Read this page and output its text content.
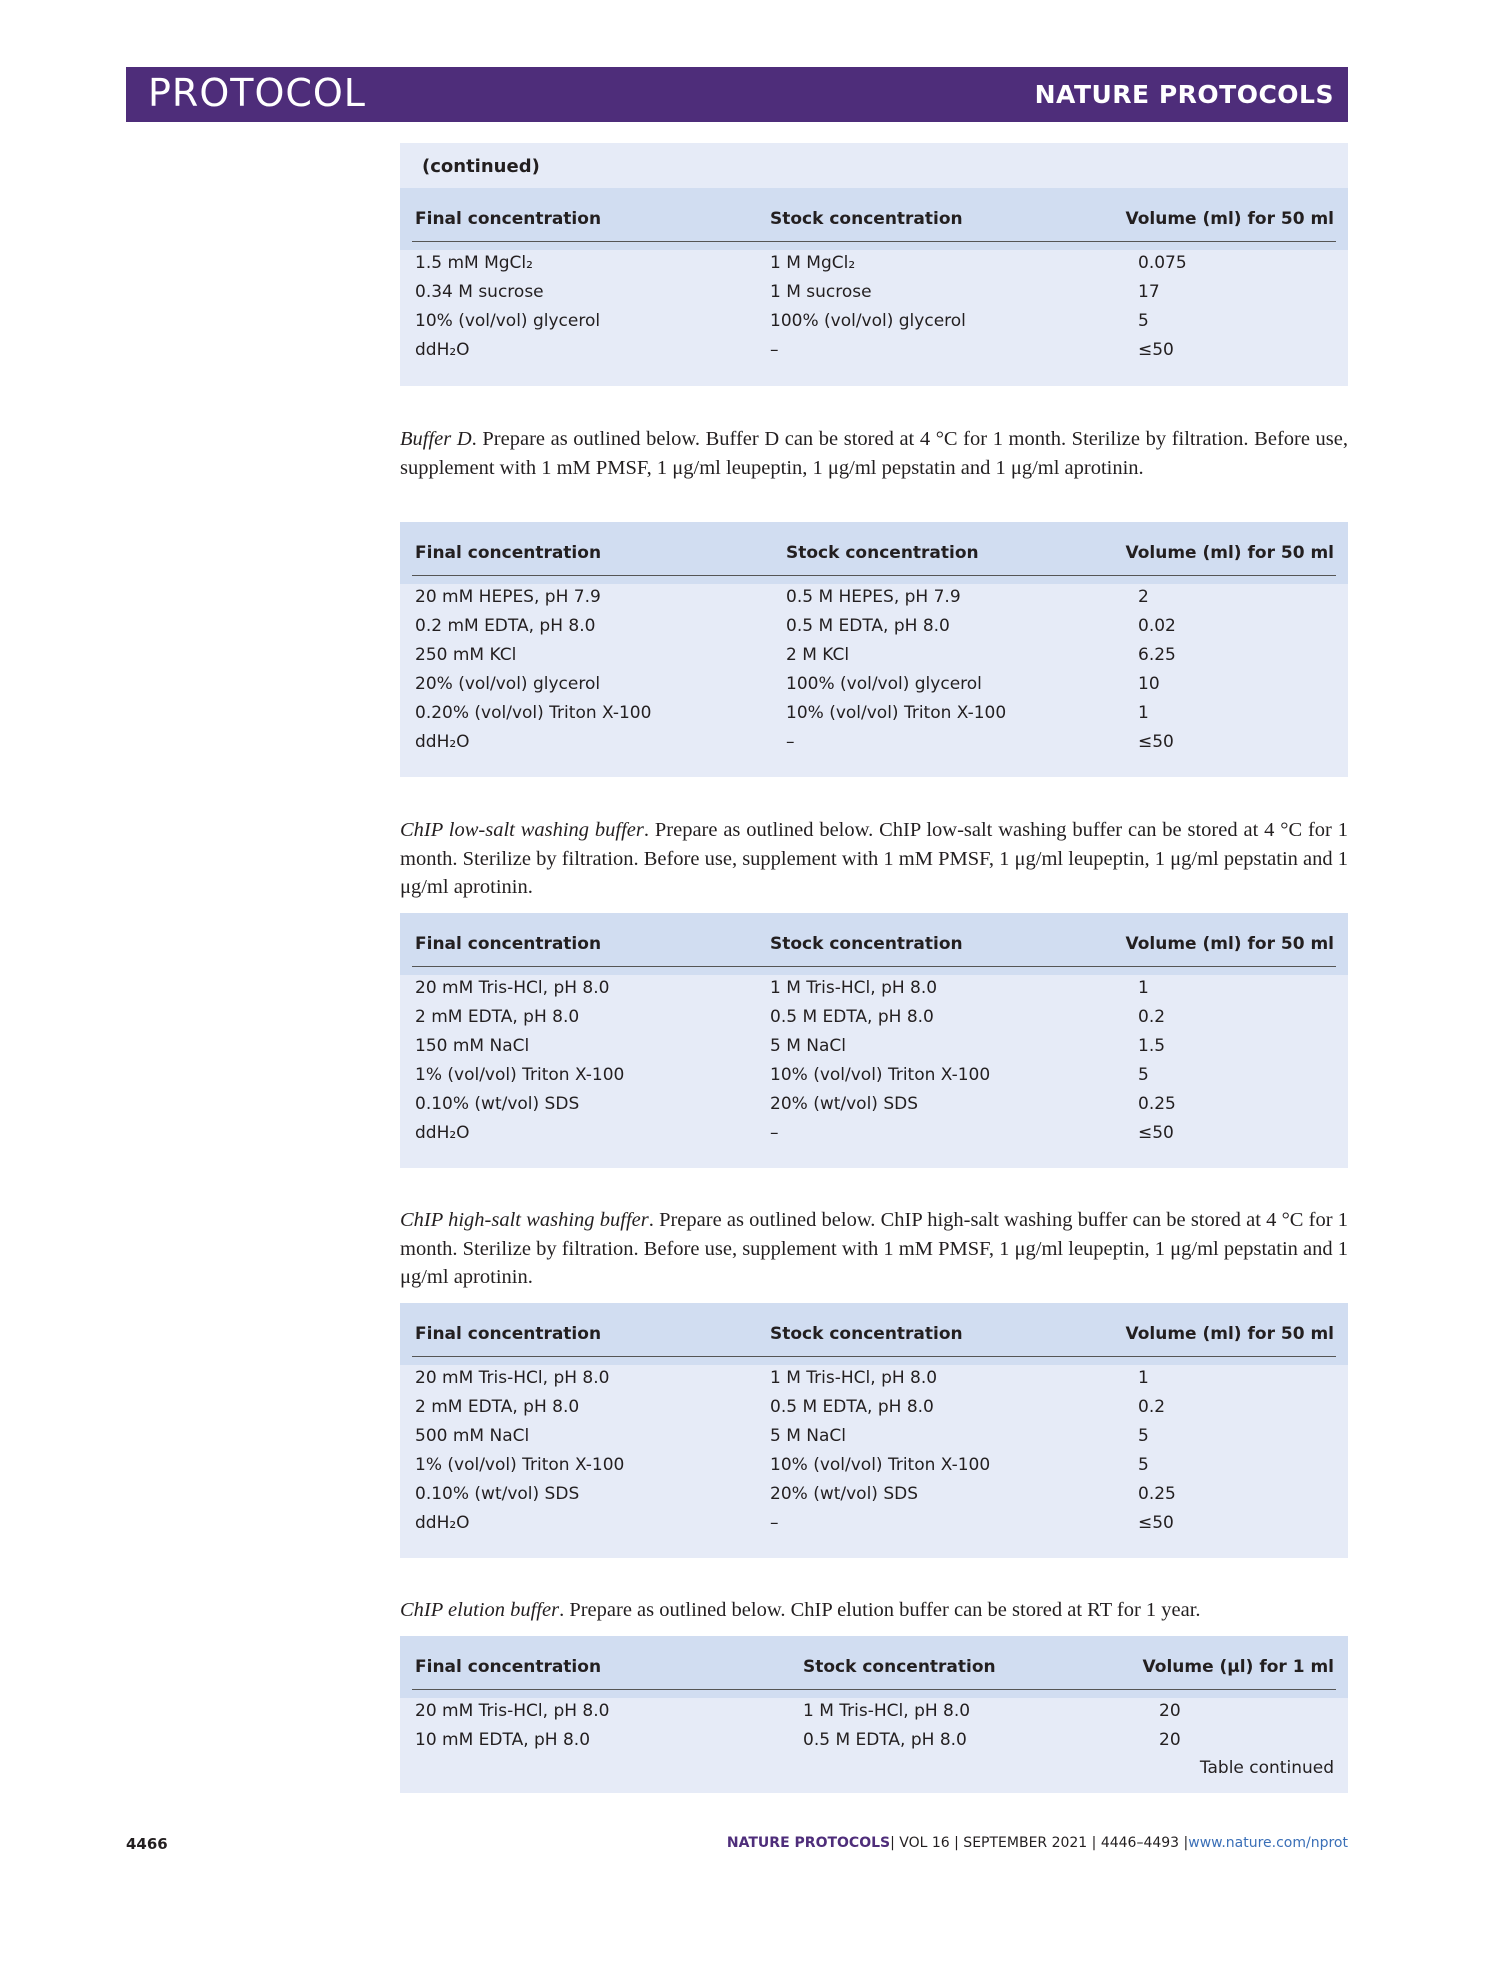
PROTOCOL	NATURE PROTOCOLS
(continued)
Final concentration	Stock concentration	Volume (ml) for 50 ml
1.5 mM MgCl₂	1 M MgCl₂	0.075
0.34 M sucrose	1 M sucrose	17
10% (vol/vol) glycerol	100% (vol/vol) glycerol	5
ddH₂O	–	≤50

Buffer D. Prepare as outlined below. Buffer D can be stored at 4 °C for 1 month. Sterilize by filtration. Before use, supplement with 1 mM PMSF, 1 μg/ml leupeptin, 1 μg/ml pepstatin and 1 μg/ml aprotinin.

Final concentration	Stock concentration	Volume (ml) for 50 ml
20 mM HEPES, pH 7.9	0.5 M HEPES, pH 7.9	2
0.2 mM EDTA, pH 8.0	0.5 M EDTA, pH 8.0	0.02
250 mM KCl	2 M KCl	6.25
20% (vol/vol) glycerol	100% (vol/vol) glycerol	10
0.20% (vol/vol) Triton X-100	10% (vol/vol) Triton X-100	1
ddH₂O	–	≤50

ChIP low-salt washing buffer. Prepare as outlined below. ChIP low-salt washing buffer can be stored at 4 °C for 1 month. Sterilize by filtration. Before use, supplement with 1 mM PMSF, 1 μg/ml leupeptin, 1 μg/ml pepstatin and 1 μg/ml aprotinin.

Final concentration	Stock concentration	Volume (ml) for 50 ml
20 mM Tris-HCl, pH 8.0	1 M Tris-HCl, pH 8.0	1
2 mM EDTA, pH 8.0	0.5 M EDTA, pH 8.0	0.2
150 mM NaCl	5 M NaCl	1.5
1% (vol/vol) Triton X-100	10% (vol/vol) Triton X-100	5
0.10% (wt/vol) SDS	20% (wt/vol) SDS	0.25
ddH₂O	–	≤50

ChIP high-salt washing buffer. Prepare as outlined below. ChIP high-salt washing buffer can be stored at 4 °C for 1 month. Sterilize by filtration. Before use, supplement with 1 mM PMSF, 1 μg/ml leupeptin, 1 μg/ml pepstatin and 1 μg/ml aprotinin.

Final concentration	Stock concentration	Volume (ml) for 50 ml
20 mM Tris-HCl, pH 8.0	1 M Tris-HCl, pH 8.0	1
2 mM EDTA, pH 8.0	0.5 M EDTA, pH 8.0	0.2
500 mM NaCl	5 M NaCl	5
1% (vol/vol) Triton X-100	10% (vol/vol) Triton X-100	5
0.10% (wt/vol) SDS	20% (wt/vol) SDS	0.25
ddH₂O	–	≤50

ChIP elution buffer. Prepare as outlined below. ChIP elution buffer can be stored at RT for 1 year.

Final concentration	Stock concentration	Volume (μl) for 1 ml
20 mM Tris-HCl, pH 8.0	1 M Tris-HCl, pH 8.0	20
10 mM EDTA, pH 8.0	0.5 M EDTA, pH 8.0	20
Table continued
4466	NATURE PROTOCOLS| VOL 16 | SEPTEMBER 2021 | 4446–4493 |www.nature.com/nprot
